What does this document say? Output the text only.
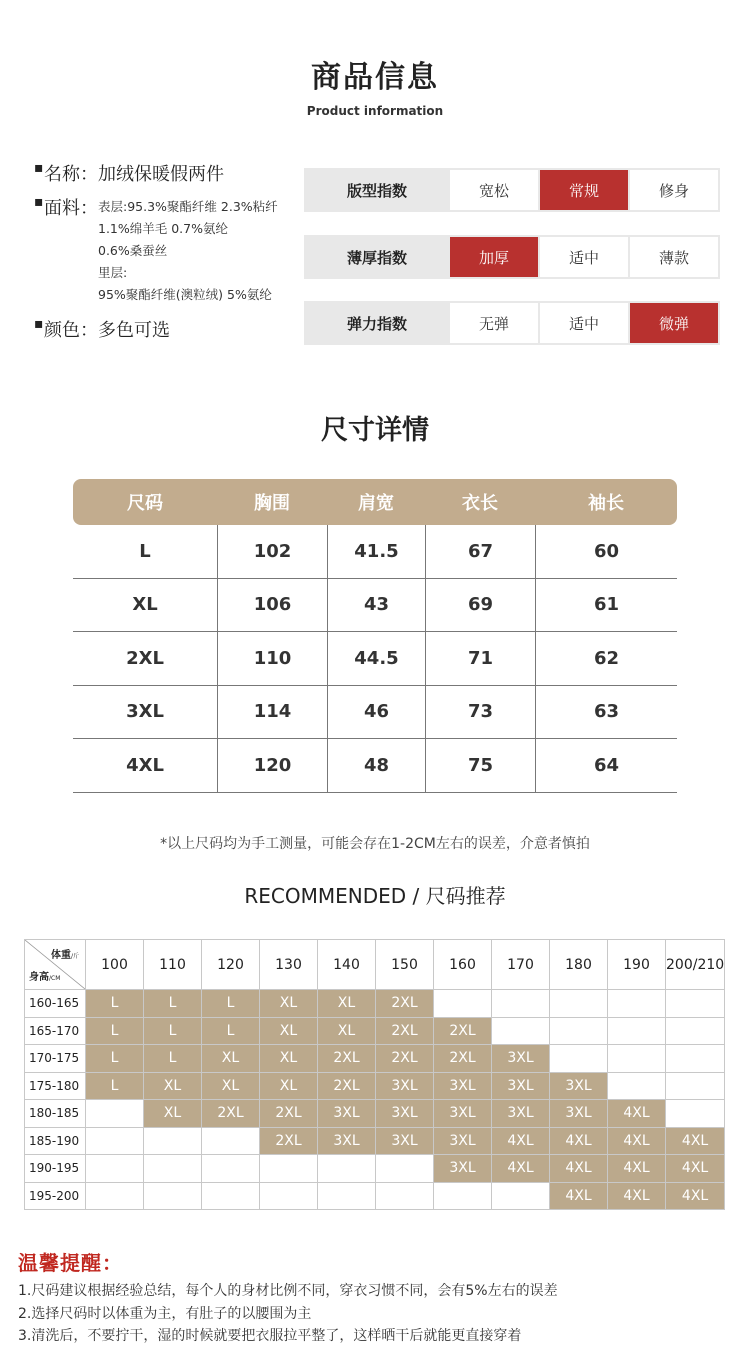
商品信息
Product information
▪ 名称： 加绒保暖假两件
▪ 面料： 表层:95.3%聚酯纤维 2.3%粘纤
1.1%绵羊毛 0.7%氨纶
0.6%桑蚕丝
里层:
95%聚酯纤维(澳粒绒) 5%氨纶
▪ 颜色： 多色可选
版型指数	宽松	常规	修身
薄厚指数	加厚	适中	薄款
弹力指数	无弹	适中	微弹
尺寸详情
尺码	胸围	肩宽	衣长	袖长
L	102	41.5	67	60
XL	106	43	69	61
2XL	110	44.5	71	62
3XL	114	46	73	63
4XL	120	48	75	64
*以上尺码均为手工测量，可能会存在1-2CM左右的误差，介意者慎拍
RECOMMENDED / 尺码推荐
体重/斤
身高/CM	100	110	120	130	140	150	160	170	180	190	200/210
160-165	L	L	L	XL	XL	2XL					
165-170	L	L	L	XL	XL	2XL	2XL				
170-175	L	L	XL	XL	2XL	2XL	2XL	3XL			
175-180	L	XL	XL	XL	2XL	3XL	3XL	3XL	3XL		
180-185		XL	2XL	2XL	3XL	3XL	3XL	3XL	3XL	4XL	
185-190				2XL	3XL	3XL	3XL	4XL	4XL	4XL	4XL
190-195							3XL	4XL	4XL	4XL	4XL
195-200									4XL	4XL	4XL
温馨提醒：
1.尺码建议根据经验总结，每个人的身材比例不同，穿衣习惯不同，会有5%左右的误差
2.选择尺码时以体重为主，有肚子的以腰围为主
3.清洗后，不要拧干，湿的时候就要把衣服拉平整了，这样晒干后就能更直接穿着
